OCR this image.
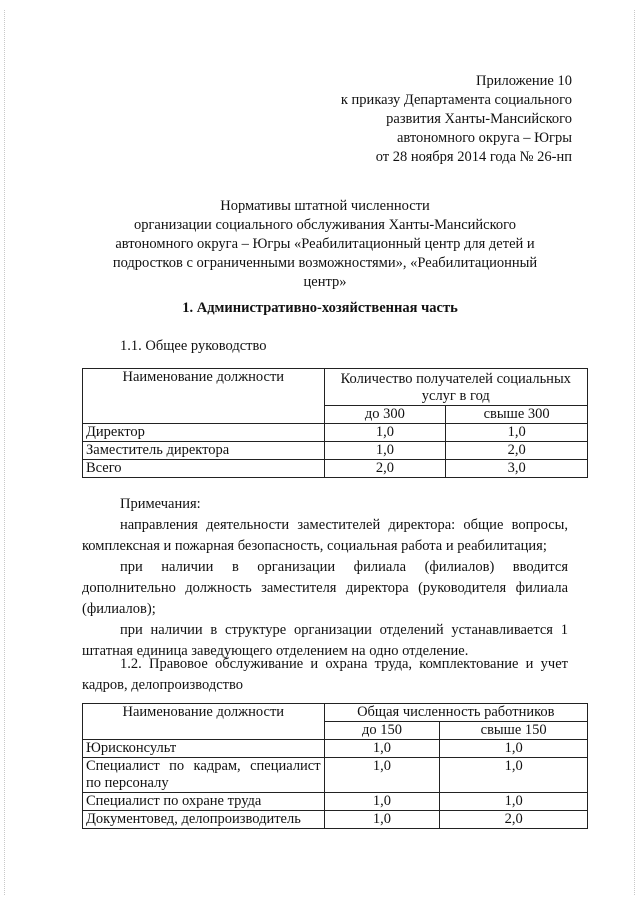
Приложение 10
к приказу Департамента социального
развития Ханты-Мансийского
автономного округа – Югры
от 28 ноября 2014 года № 26-нп
Нормативы штатной численности
организации социального обслуживания Ханты-Мансийского
автономного округа – Югры «Реабилитационный центр для детей и
подростков с ограниченными возможностями», «Реабилитационный
центр»
1. Административно-хозяйственная часть
1.1. Общее руководство
Наименование должности	Количество получателей социальных услуг в год	
	до 300	свыше 300
Директор	1,0	1,0
Заместитель директора	1,0	2,0
Всего	2,0	3,0

Примечания:

направления деятельности заместителей директора: общие вопросы, комплексная и пожарная безопасность, социальная работа и реабилитация;

при наличии в организации филиала (филиалов) вводится дополнительно должность заместителя директора (руководителя филиала (филиалов);

при наличии в структуре организации отделений устанавливается 1 штатная единица заведующего отделением на одно отделение.

1.2. Правовое обслуживание и охрана труда, комплектование и учет кадров, делопроизводство
Наименование должности	Общая численность работников	
	до 150	свыше 150
Юрисконсульт	1,0	1,0
Специалист по кадрам, специалист по персоналу	1,0	1,0
Специалист по охране труда	1,0	1,0
Документовед, делопроизводитель	1,0	2,0
